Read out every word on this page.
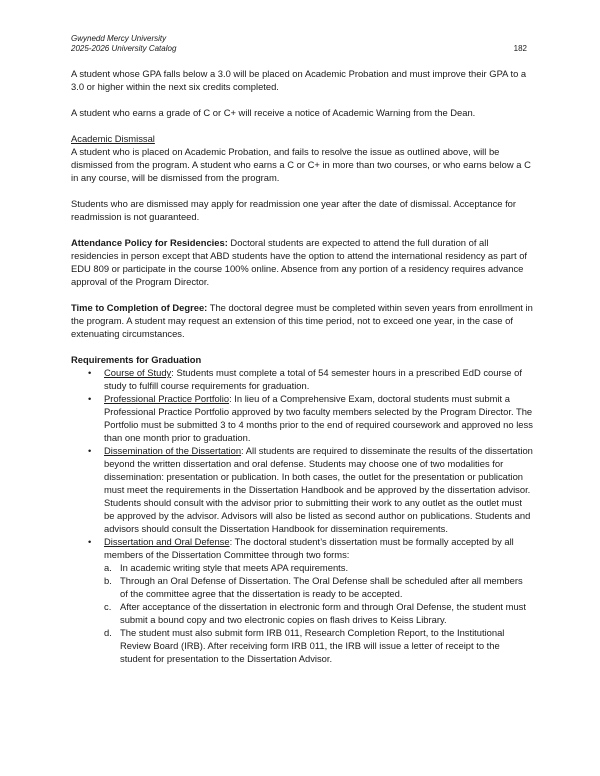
Gwynedd Mercy University
2025-2026 University Catalog	182

A student whose GPA falls below a 3.0 will be placed on Academic Probation and must improve their GPA to a 3.0 or higher within the next six credits completed.

A student who earns a grade of C or C+ will receive a notice of Academic Warning from the Dean.

Academic Dismissal

A student who is placed on Academic Probation, and fails to resolve the issue as outlined above, will be dismissed from the program. A student who earns a C or C+ in more than two courses, or who earns below a C in any course, will be dismissed from the program.

Students who are dismissed may apply for readmission one year after the date of dismissal. Acceptance for readmission is not guaranteed.

Attendance Policy for Residencies: Doctoral students are expected to attend the full duration of all residencies in person except that ABD students have the option to attend the international residency as part of EDU 809 or participate in the course 100% online. Absence from any portion of a residency requires advance approval of the Program Director.

Time to Completion of Degree: The doctoral degree must be completed within seven years from enrollment in the program. A student may request an extension of this time period, not to exceed one year, in the case of extenuating circumstances.

Requirements for Graduation
• Course of Study: Students must complete a total of 54 semester hours in a prescribed EdD course of study to fulfill course requirements for graduation.
• Professional Practice Portfolio: In lieu of a Comprehensive Exam, doctoral students must submit a Professional Practice Portfolio approved by two faculty members selected by the Program Director. The Portfolio must be submitted 3 to 4 months prior to the end of required coursework and approved no less than one month prior to graduation.
• Dissemination of the Dissertation: All students are required to disseminate the results of the dissertation beyond the written dissertation and oral defense. Students may choose one of two modalities for dissemination: presentation or publication. In both cases, the outlet for the presentation or publication must meet the requirements in the Dissertation Handbook and be approved by the dissertation advisor. Students should consult with the advisor prior to submitting their work to any outlet as the outlet must be approved by the advisor. Advisors will also be listed as second author on publications. Students and advisors should consult the Dissertation Handbook for dissemination requirements.
• Dissertation and Oral Defense: The doctoral student’s dissertation must be formally accepted by all members of the Dissertation Committee through two forms:
a. In academic writing style that meets APA requirements.
b. Through an Oral Defense of Dissertation. The Oral Defense shall be scheduled after all members of the committee agree that the dissertation is ready to be accepted.
c. After acceptance of the dissertation in electronic form and through Oral Defense, the student must submit a bound copy and two electronic copies on flash drives to Keiss Library.
d. The student must also submit form IRB 011, Research Completion Report, to the Institutional Review Board (IRB). After receiving form IRB 011, the IRB will issue a letter of receipt to the student for presentation to the Dissertation Advisor.
